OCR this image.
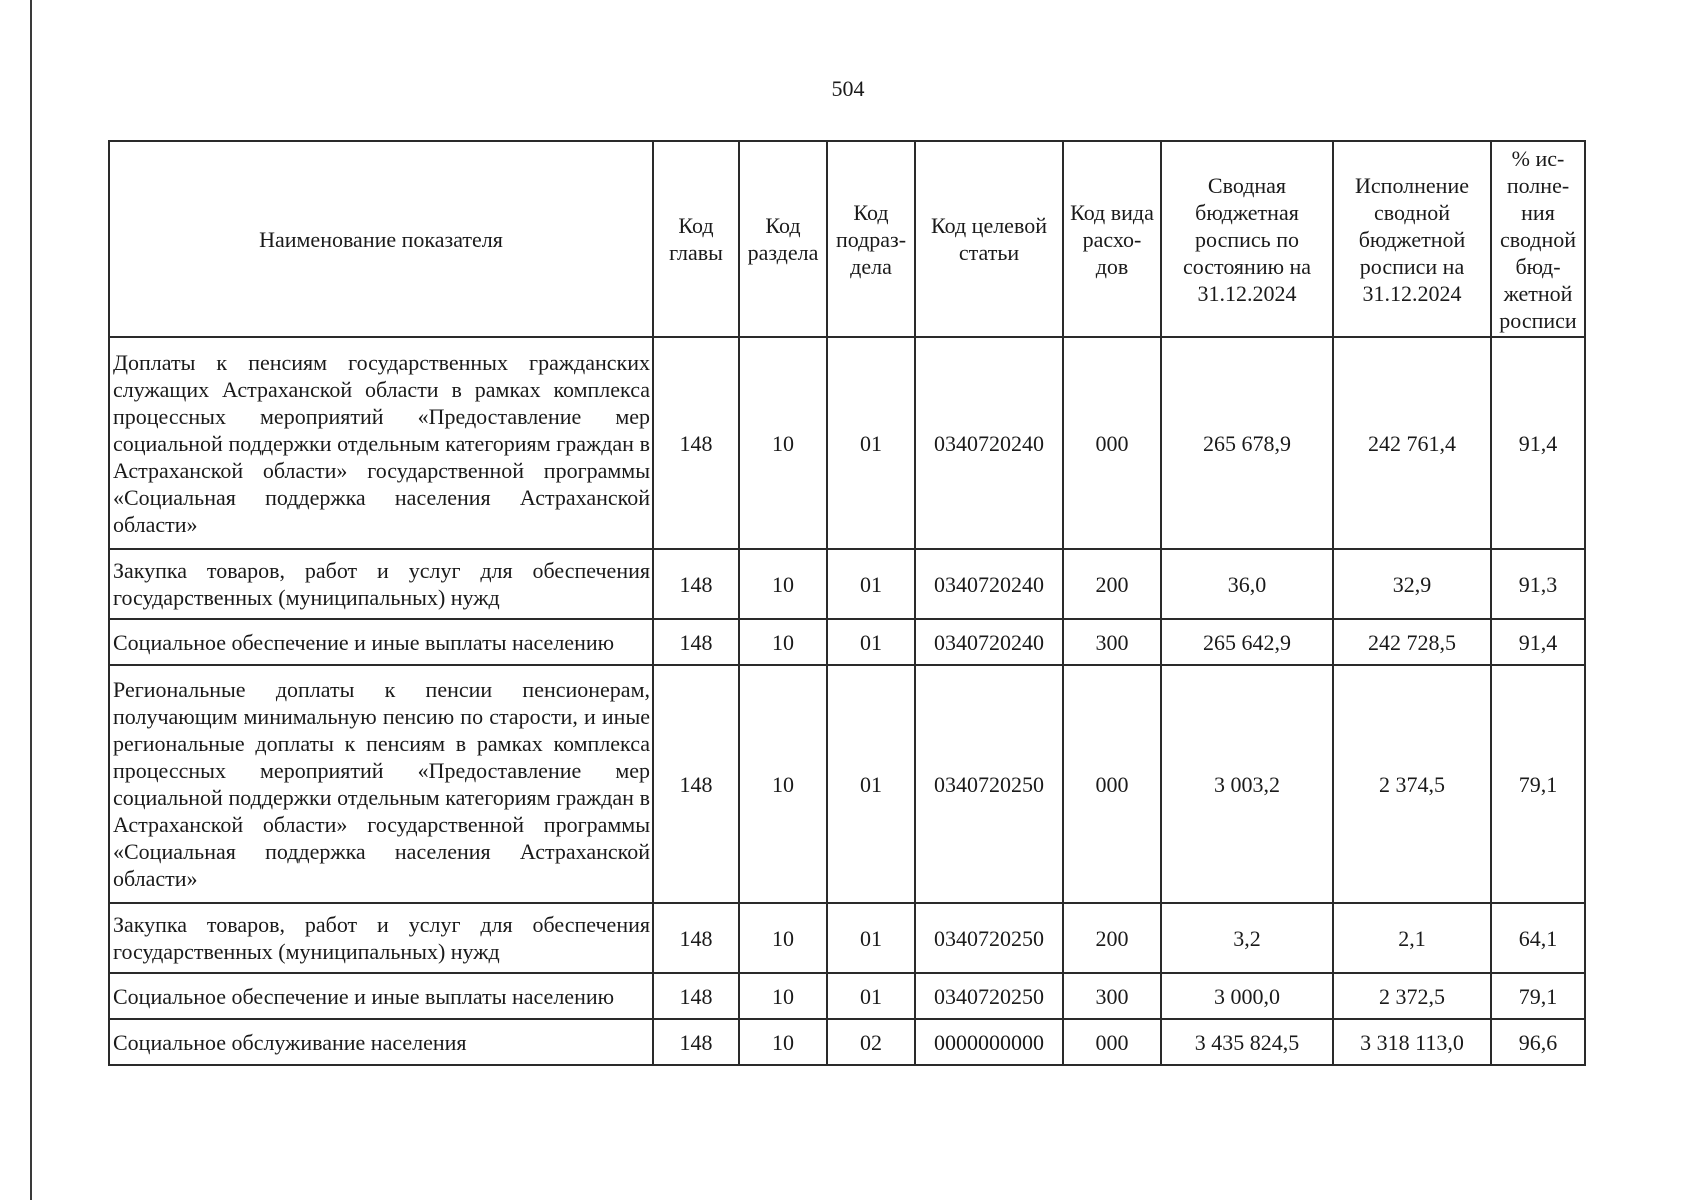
504
Наименование показателя	Код главы	Код раздела	Код подраз-дела	Код целевой статьи	Код вида расхо-дов	Сводная бюджетная роспись по состоянию на 31.12.2024	Исполнение сводной бюджетной росписи на 31.12.2024	% ис-полне-ния сводной бюд-жетной росписи
Доплаты к пенсиям государственных гражданских служащих Астраханской области в рамках комплекса процессных мероприятий «Предоставление мер социальной поддержки отдельным категориям граждан в Астраханской области» государственной программы «Социальная поддержка населения Астраханской области»	148	10	01	0340720240	000	265 678,9	242 761,4	91,4
Закупка товаров, работ и услуг для обеспечения государственных (муниципальных) нужд	148	10	01	0340720240	200	36,0	32,9	91,3
Социальное обеспечение и иные выплаты населению	148	10	01	0340720240	300	265 642,9	242 728,5	91,4
Региональные доплаты к пенсии пенсионерам, получающим минимальную пенсию по старости, и иные региональные доплаты к пенсиям в рамках комплекса процессных мероприятий «Предоставление мер социальной поддержки отдельным категориям граждан в Астраханской области» государственной программы «Социальная поддержка населения Астраханской области»	148	10	01	0340720250	000	3 003,2	2 374,5	79,1
Закупка товаров, работ и услуг для обеспечения государственных (муниципальных) нужд	148	10	01	0340720250	200	3,2	2,1	64,1
Социальное обеспечение и иные выплаты населению	148	10	01	0340720250	300	3 000,0	2 372,5	79,1
Социальное обслуживание населения	148	10	02	0000000000	000	3 435 824,5	3 318 113,0	96,6
